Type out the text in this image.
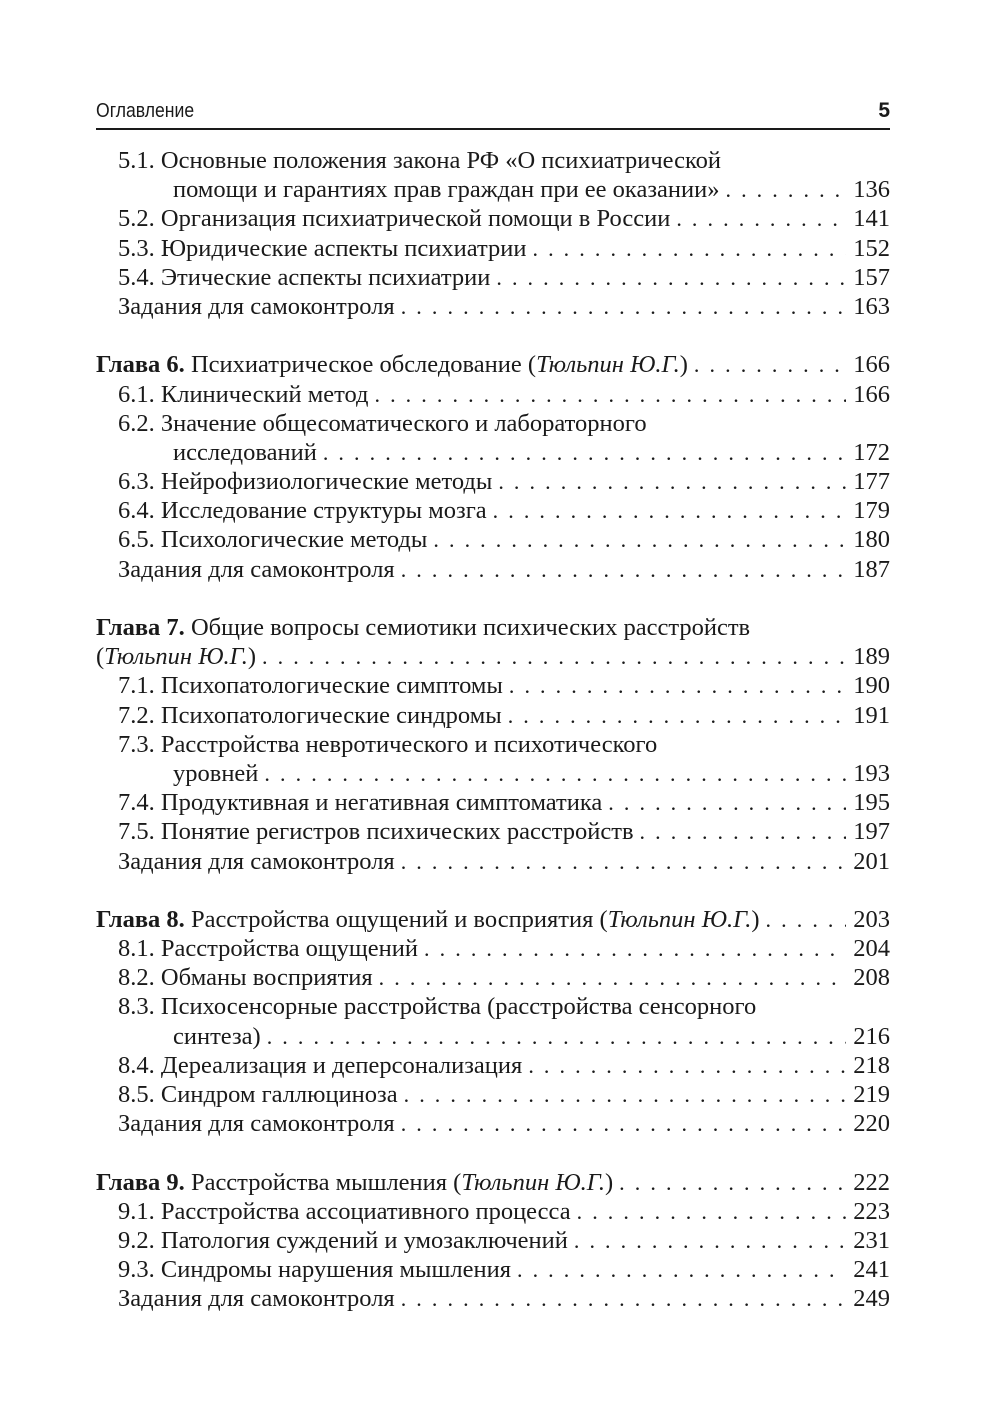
Оглавление	5
5.1. Основные положения закона РФ «О психиатрической
помощи и гарантиях прав граждан при ее оказании» . . .	136
5.2. Организация психиатрической помощи в России . . .	141
5.3. Юридические аспекты психиатрии . . .	152
5.4. Этические аспекты психиатрии . . .	157
Задания для самоконтроля . . .	163
Глава 6. Психиатрическое обследование (Тюльпин Ю.Г.) . . .	166
6.1. Клинический метод . . .	166
6.2. Значение общесоматического и лабораторного
исследований . . .	172
6.3. Нейрофизиологические методы . . .	177
6.4. Исследование структуры мозга . . .	179
6.5. Психологические методы . . .	180
Задания для самоконтроля . . .	187
Глава 7. Общие вопросы семиотики психических расстройств
(Тюльпин Ю.Г.) . . .	189
7.1. Психопатологические симптомы . . .	190
7.2. Психопатологические синдромы . . .	191
7.3. Расстройства невротического и психотического
уровней . . .	193
7.4. Продуктивная и негативная симптоматика . . .	195
7.5. Понятие регистров психических расстройств . . .	197
Задания для самоконтроля . . .	201
Глава 8. Расстройства ощущений и восприятия (Тюльпин Ю.Г.) . . .	203
8.1. Расстройства ощущений . . .	204
8.2. Обманы восприятия . . .	208
8.3. Психосенсорные расстройства (расстройства сенсорного
синтеза) . . .	216
8.4. Дереализация и деперсонализация . . .	218
8.5. Синдром галлюциноза . . .	219
Задания для самоконтроля . . .	220
Глава 9. Расстройства мышления (Тюльпин Ю.Г.) . . .	222
9.1. Расстройства ассоциативного процесса . . .	223
9.2. Патология суждений и умозаключений . . .	231
9.3. Синдромы нарушения мышления . . .	241
Задания для самоконтроля . . .	249
